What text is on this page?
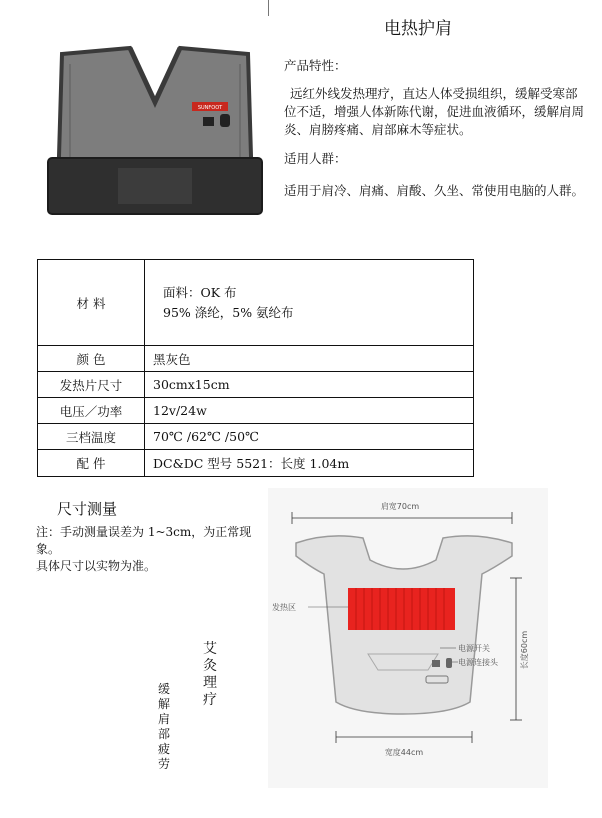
电热护肩
SUNFOOT
产品特性：
远红外线发热理疗，直达人体受损组织，缓解受寒部位不适，增强人体新陈代谢，促进血液循环，缓解肩周炎、肩膀疼痛、肩部麻木等症状。
适用人群：
适用于肩冷、肩痛、肩酸、久坐、常使用电脑的人群。
材 料	面料：OK 布
95% 涤纶，5% 氨纶布

颜 色	黑灰色
发热片尺寸	30cmx15cm
电压／功率	12v/24w
三档温度	70℃ /62℃ /50℃
配 件	DC&DC 型号 5521：长度 1.04m
尺寸测量
注：手动测量误差为 1~3cm，为正常现象。
具体尺寸以实物为准。
艾灸理疗
缓解肩部疲劳
肩宽70cm
发热区
电源开关
电源连接头	长度60cm
宽度44cm
